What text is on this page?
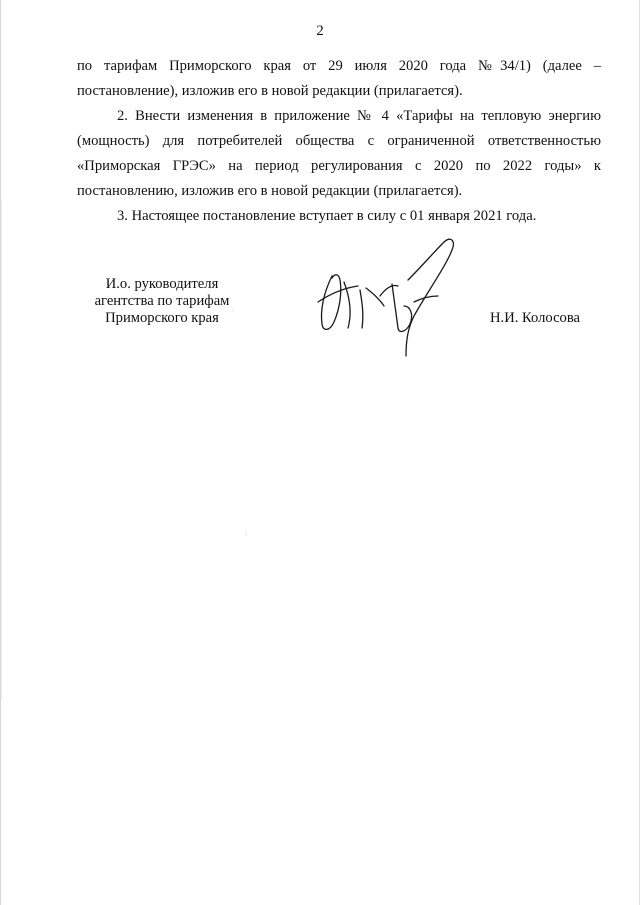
2

по тарифам Приморского края от 29 июля 2020 года №34/1) (далее – постановление), изложив его в новой редакции (прилагается).

2. Внести изменения в приложение № 4 «Тарифы на тепловую энергию (мощность) для потребителей общества с ограниченной ответственностью «Приморская ГРЭС» на период регулирования с 2020 по 2022 годы» к постановлению, изложив его в новой редакции (прилагается).

3. Настоящее постановление вступает в силу с 01 января 2021 года.

И.о. руководителя
агентства по тарифам
Приморского края	Н.И. Колосова
